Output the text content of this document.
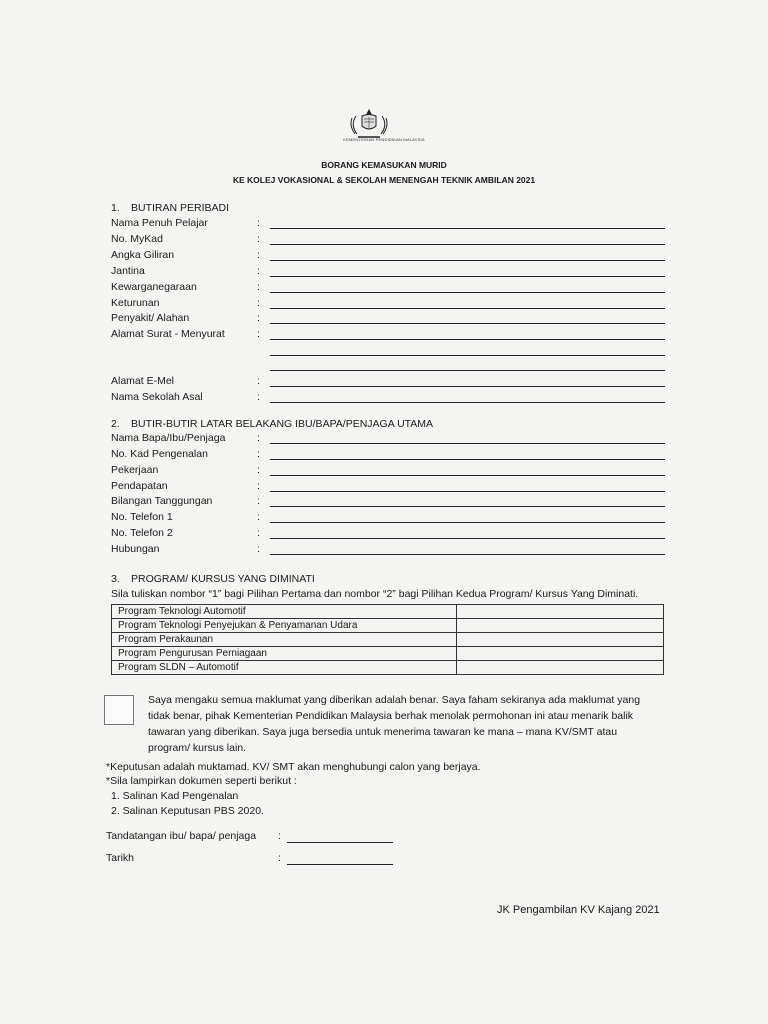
KEMENTERIAN PENDIDIKAN MALAYSIA
BORANG KEMASUKAN MURID
KE KOLEJ VOKASIONAL & SEKOLAH MENENGAH TEKNIK AMBILAN 2021
1. BUTIRAN PERIBADI
Nama Penuh Pelajar	:
No. MyKad	:
Angka Giliran	:
Jantina	:
Kewarganegaraan	:
Keturunan	:
Penyakit/ Alahan	:
Alamat Surat - Menyurat	:
Alamat E-Mel	:
Nama Sekolah Asal	:
2. BUTIR-BUTIR LATAR BELAKANG IBU/BAPA/PENJAGA UTAMA
Nama Bapa/Ibu/Penjaga	:
No. Kad Pengenalan	:
Pekerjaan	:
Pendapatan	:
Bilangan Tanggungan	:
No. Telefon 1	:
No. Telefon 2	:
Hubungan	:
3. PROGRAM/ KURSUS YANG DIMINATI
Sila tuliskan nombor “1” bagi Pilihan Pertama dan nombor “2” bagi Pilihan Kedua Program/ Kursus Yang Diminati.
Program Teknologi Automotif	
Program Teknologi Penyejukan & Penyamanan Udara	
Program Perakaunan	
Program Pengurusan Perniagaan	
Program SLDN – Automotif	
Saya mengaku semua maklumat yang diberikan adalah benar. Saya faham sekiranya ada maklumat yang
tidak benar, pihak Kementerian Pendidikan Malaysia berhak menolak permohonan ini atau menarik balik
tawaran yang diberikan. Saya juga bersedia untuk menerima tawaran ke mana – mana KV/SMT atau
program/ kursus lain.
*Keputusan adalah muktamad. KV/ SMT akan menghubungi calon yang berjaya.
*Sila lampirkan dokumen seperti berikut :
1. Salinan Kad Pengenalan
2. Salinan Keputusan PBS 2020.
Tandatangan ibu/ bapa/ penjaga :
Tarikh	:
JK Pengambilan KV Kajang 2021
